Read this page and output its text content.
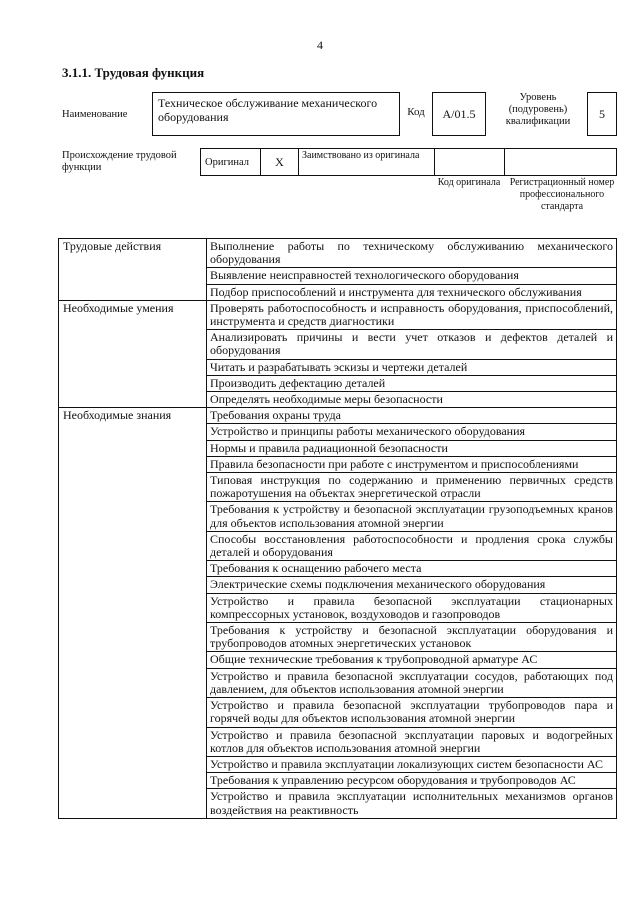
4
3.1.1. Трудовая функция
Наименование
Техническое обслуживание механического оборудования	Код	A/01.5
Уровень (подуровень) квалификации
5
Происхождение трудовой функции	Оригинал	X	Заимствовано из оригинала
Код оригинала Регистрационный номер профессионального стандарта
Трудовые действия	Выполнение работы по техническому обслуживанию механического оборудования
	Выявление неисправностей технологического оборудования
	Подбор приспособлений и инструмента для технического обслуживания
Необходимые умения	Проверять работоспособность и исправность оборудования, приспособлений, инструмента и средств диагностики
	Анализировать причины и вести учет отказов и дефектов деталей и оборудования
	Читать и разрабатывать эскизы и чертежи деталей
	Производить дефектацию деталей
	Определять необходимые меры безопасности
Необходимые знания	Требования охраны труда
	Устройство и принципы работы механического оборудования
	Нормы и правила радиационной безопасности
	Правила безопасности при работе с инструментом и приспособлениями
	Типовая инструкция по содержанию и применению первичных средств пожаротушения на объектах энергетической отрасли
	Требования к устройству и безопасной эксплуатации грузоподъемных кранов для объектов использования атомной энергии
	Способы восстановления работоспособности и продления срока службы деталей и оборудования
	Требования к оснащению рабочего места
	Электрические схемы подключения механического оборудования
	Устройство и правила безопасной эксплуатации стационарных компрессорных установок, воздуховодов и газопроводов
	Требования к устройству и безопасной эксплуатации оборудования и трубопроводов атомных энергетических установок
	Общие технические требования к трубопроводной арматуре АС
	Устройство и правила безопасной эксплуатации сосудов, работающих под давлением, для объектов использования атомной энергии
	Устройство и правила безопасной эксплуатации трубопроводов пара и горячей воды для объектов использования атомной энергии
	Устройство и правила безопасной эксплуатации паровых и водогрейных котлов для объектов использования атомной энергии
	Устройство и правила эксплуатации локализующих систем безопасности АС
	Требования к управлению ресурсом оборудования и трубопроводов АС
	Устройство и правила эксплуатации исполнительных механизмов органов воздействия на реактивность
